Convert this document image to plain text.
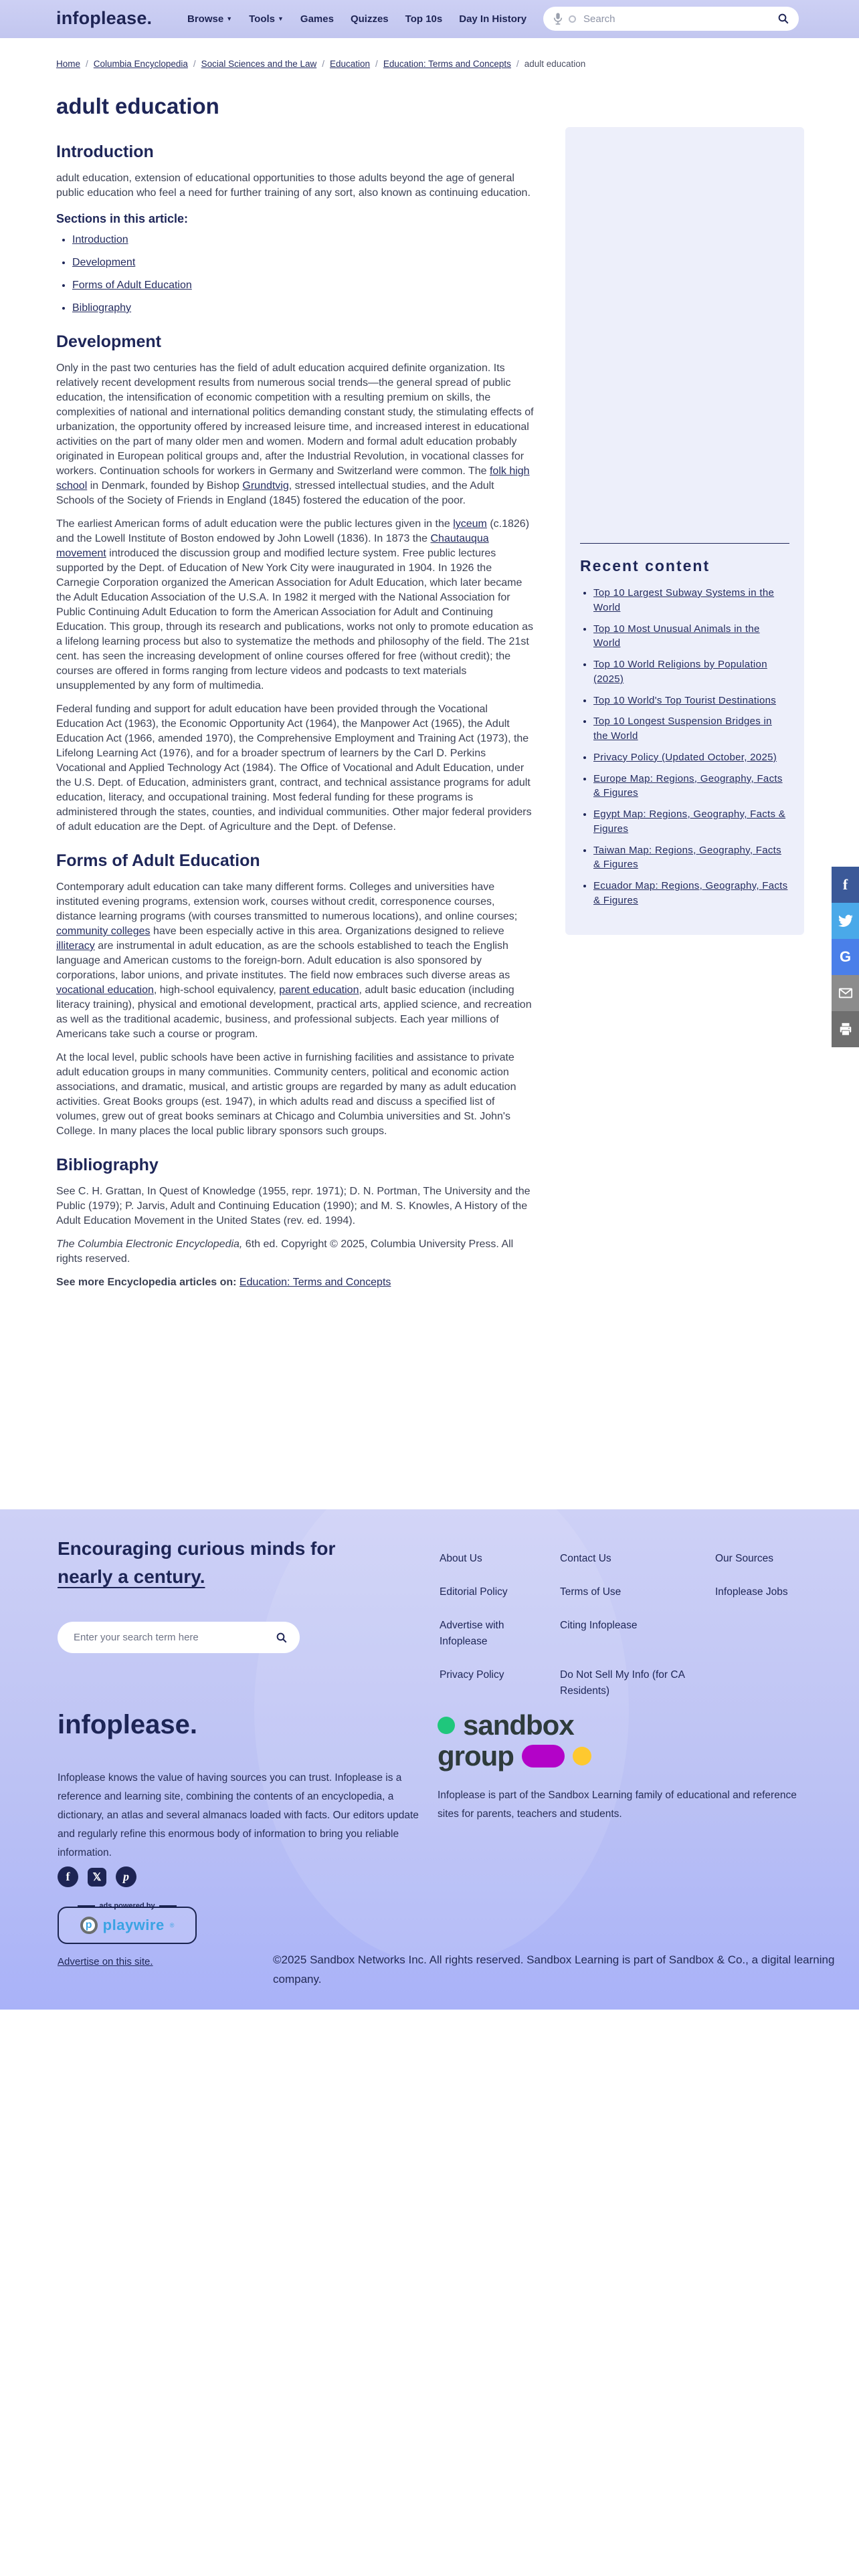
infoplease.	Browse ▼ Tools ▼ Games Quizzes Top 10s Day In History
Search
Home / Columbia Encyclopedia / Social Sciences and the Law / Education / Education: Terms and Concepts / adult education
adult education
Introduction

adult education, extension of educational opportunities to those adults beyond the age of general public education who feel a need for further training of any sort, also known as continuing education.

Sections in this article:
• Introduction
• Development
• Forms of Adult Education
• Bibliography
Development

Only in the past two centuries has the field of adult education acquired definite organization. Its relatively recent development results from numerous social trends—the general spread of public education, the intensification of economic competition with a resulting premium on skills, the complexities of national and international politics demanding constant study, the stimulating effects of urbanization, the opportunity offered by increased leisure time, and increased interest in educational activities on the part of many older men and women. Modern and formal adult education probably originated in European political groups and, after the Industrial Revolution, in vocational classes for workers. Continuation schools for workers in Germany and Switzerland were common. The folk high school in Denmark, founded by Bishop Grundtvig, stressed intellectual studies, and the Adult Schools of the Society of Friends in England (1845) fostered the education of the poor.

The earliest American forms of adult education were the public lectures given in the lyceum (c.1826) and the Lowell Institute of Boston endowed by John Lowell (1836). In 1873 the Chautauqua movement introduced the discussion group and modified lecture system. Free public lectures supported by the Dept. of Education of New York City were inaugurated in 1904. In 1926 the Carnegie Corporation organized the American Association for Adult Education, which later became the Adult Education Association of the U.S.A. In 1982 it merged with the National Association for Public Continuing Adult Education to form the American Association for Adult and Continuing Education. This group, through its research and publications, works not only to promote education as a lifelong learning process but also to systematize the methods and philosophy of the field. The 21st cent. has seen the increasing development of online courses offered for free (without credit); the courses are offered in forms ranging from lecture videos and podcasts to text materials unsupplemented by any form of multimedia.

Federal funding and support for adult education have been provided through the Vocational Education Act (1963), the Economic Opportunity Act (1964), the Manpower Act (1965), the Adult Education Act (1966, amended 1970), the Comprehensive Employment and Training Act (1973), the Lifelong Learning Act (1976), and for a broader spectrum of learners by the Carl D. Perkins Vocational and Applied Technology Act (1984). The Office of Vocational and Adult Education, under the U.S. Dept. of Education, administers grant, contract, and technical assistance programs for adult education, literacy, and occupational training. Most federal funding for these programs is administered through the states, counties, and individual communities. Other major federal providers of adult education are the Dept. of Agriculture and the Dept. of Defense.

Forms of Adult Education

Contemporary adult education can take many different forms. Colleges and universities have instituted evening programs, extension work, courses without credit, corresponence courses, distance learning programs (with courses transmitted to numerous locations), and online courses; community colleges have been especially active in this area. Organizations designed to relieve illiteracy are instrumental in adult education, as are the schools established to teach the English language and American customs to the foreign-born. Adult education is also sponsored by corporations, labor unions, and private institutes. The field now embraces such diverse areas as vocational education, high-school equivalency, parent education, adult basic education (including literacy training), physical and emotional development, practical arts, applied science, and recreation as well as the traditional academic, business, and professional subjects. Each year millions of Americans take such a course or program.

At the local level, public schools have been active in furnishing facilities and assistance to private adult education groups in many communities. Community centers, political and economic action associations, and dramatic, musical, and artistic groups are regarded by many as adult education activities. Great Books groups (est. 1947), in which adults read and discuss a specified list of volumes, grew out of great books seminars at Chicago and Columbia universities and St. John's College. In many places the local public library sponsors such groups.

Bibliography

See C. H. Grattan, In Quest of Knowledge (1955, repr. 1971); D. N. Portman, The University and the Public (1979); P. Jarvis, Adult and Continuing Education (1990); and M. S. Knowles, A History of the Adult Education Movement in the United States (rev. ed. 1994).

The Columbia Electronic Encyclopedia, 6th ed. Copyright © 2025, Columbia University Press. All rights reserved.

See more Encyclopedia articles on: Education: Terms and Concepts

Recent content
• Top 10 Largest Subway Systems in the World
• Top 10 Most Unusual Animals in the World
• Top 10 World Religions by Population (2025)
• Top 10 World's Top Tourist Destinations
• Top 10 Longest Suspension Bridges in the World
• Privacy Policy (Updated October, 2025)
• Europe Map: Regions, Geography, Facts & Figures
• Egypt Map: Regions, Geography, Facts & Figures
• Taiwan Map: Regions, Geography, Facts & Figures
• Ecuador Map: Regions, Geography, Facts & Figures
f
G
Encouraging curious minds for
nearly a century.
About Us	Contact Us	Our Sources
Editorial Policy	Terms of Use	Infoplease Jobs
Advertise with Infoplease
Citing Infoplease
Privacy Policy	Do Not Sell My Info (for CA Residents)
Enter your search term here
infoplease.

Infoplease knows the value of having sources you can trust. Infoplease is a reference and learning site, combining the contents of an encyclopedia, a dictionary, an atlas and several almanacs loaded with facts. Our editors update and regularly refine this enormous body of information to bring you reliable information.

sandbox
group

Infoplease is part of the Sandbox Learning family of educational and reference sites for parents, teachers and students.

f	𝕏	p
ads powered by
p playwire ®
Advertise on this site.	©2025 Sandbox Networks Inc. All rights reserved. Sandbox Learning is part of Sandbox & Co., a digital learning company.
